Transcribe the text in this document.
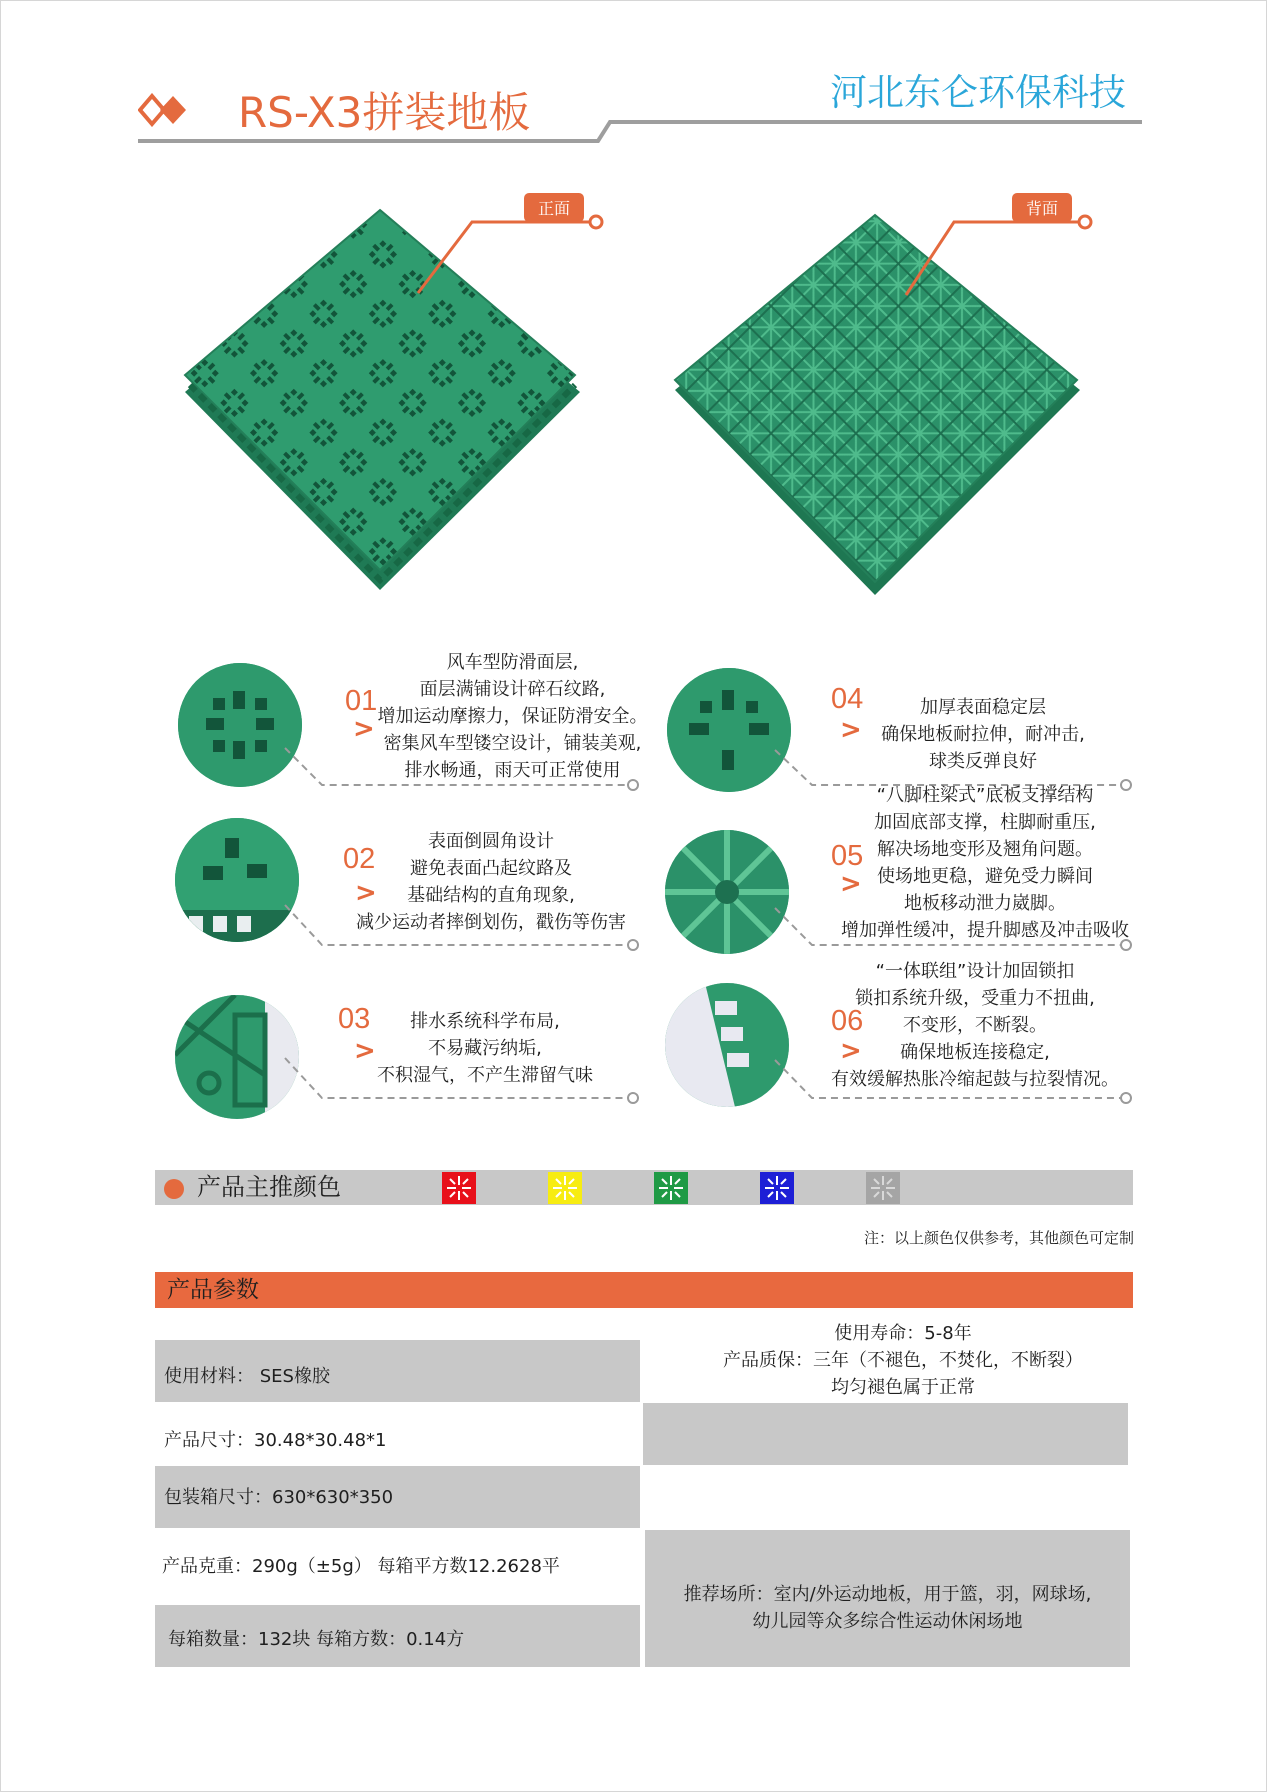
RS-X3拼装地板	河北东仑环保科技
正面	背面
01
>
风车型防滑面层,
面层满铺设计碎石纹路,
增加运动摩擦力，保证防滑安全。
密集风车型镂空设计，铺装美观,
排水畅通，雨天可正常使用
02
>
表面倒圆角设计
避免表面凸起纹路及
基础结构的直角现象,
减少运动者摔倒划伤，戳伤等伤害
03
>
排水系统科学布局,
不易藏污纳垢,
不积湿气，不产生滞留气味
04
>
加厚表面稳定层
确保地板耐拉伸，耐冲击,
球类反弹良好
05
>
“八脚柱梁式”底板支撑结构
加固底部支撑，柱脚耐重压,
解决场地变形及翘角问题。
使场地更稳，避免受力瞬间
地板移动泄力崴脚。
增加弹性缓冲，提升脚感及冲击吸收
06
>
“一体联组”设计加固锁扣
锁扣系统升级，受重力不扭曲,
不变形，不断裂。
确保地板连接稳定,
有效缓解热胀冷缩起鼓与拉裂情况。
产品主推颜色
注：以上颜色仅供参考，其他颜色可定制
产品参数
使用材料： SES橡胶
产品尺寸：30.48*30.48*1
包装箱尺寸：630*630*350
产品克重：290g（±5g） 每箱平方数12.2628平
每箱数量：132块 每箱方数：0.14方
使用寿命：5-8年
产品质保：三年（不褪色，不焚化，不断裂）
均匀褪色属于正常
推荐场所：室内/外运动地板，用于篮，羽，网球场,
幼儿园等众多综合性运动休闲场地
